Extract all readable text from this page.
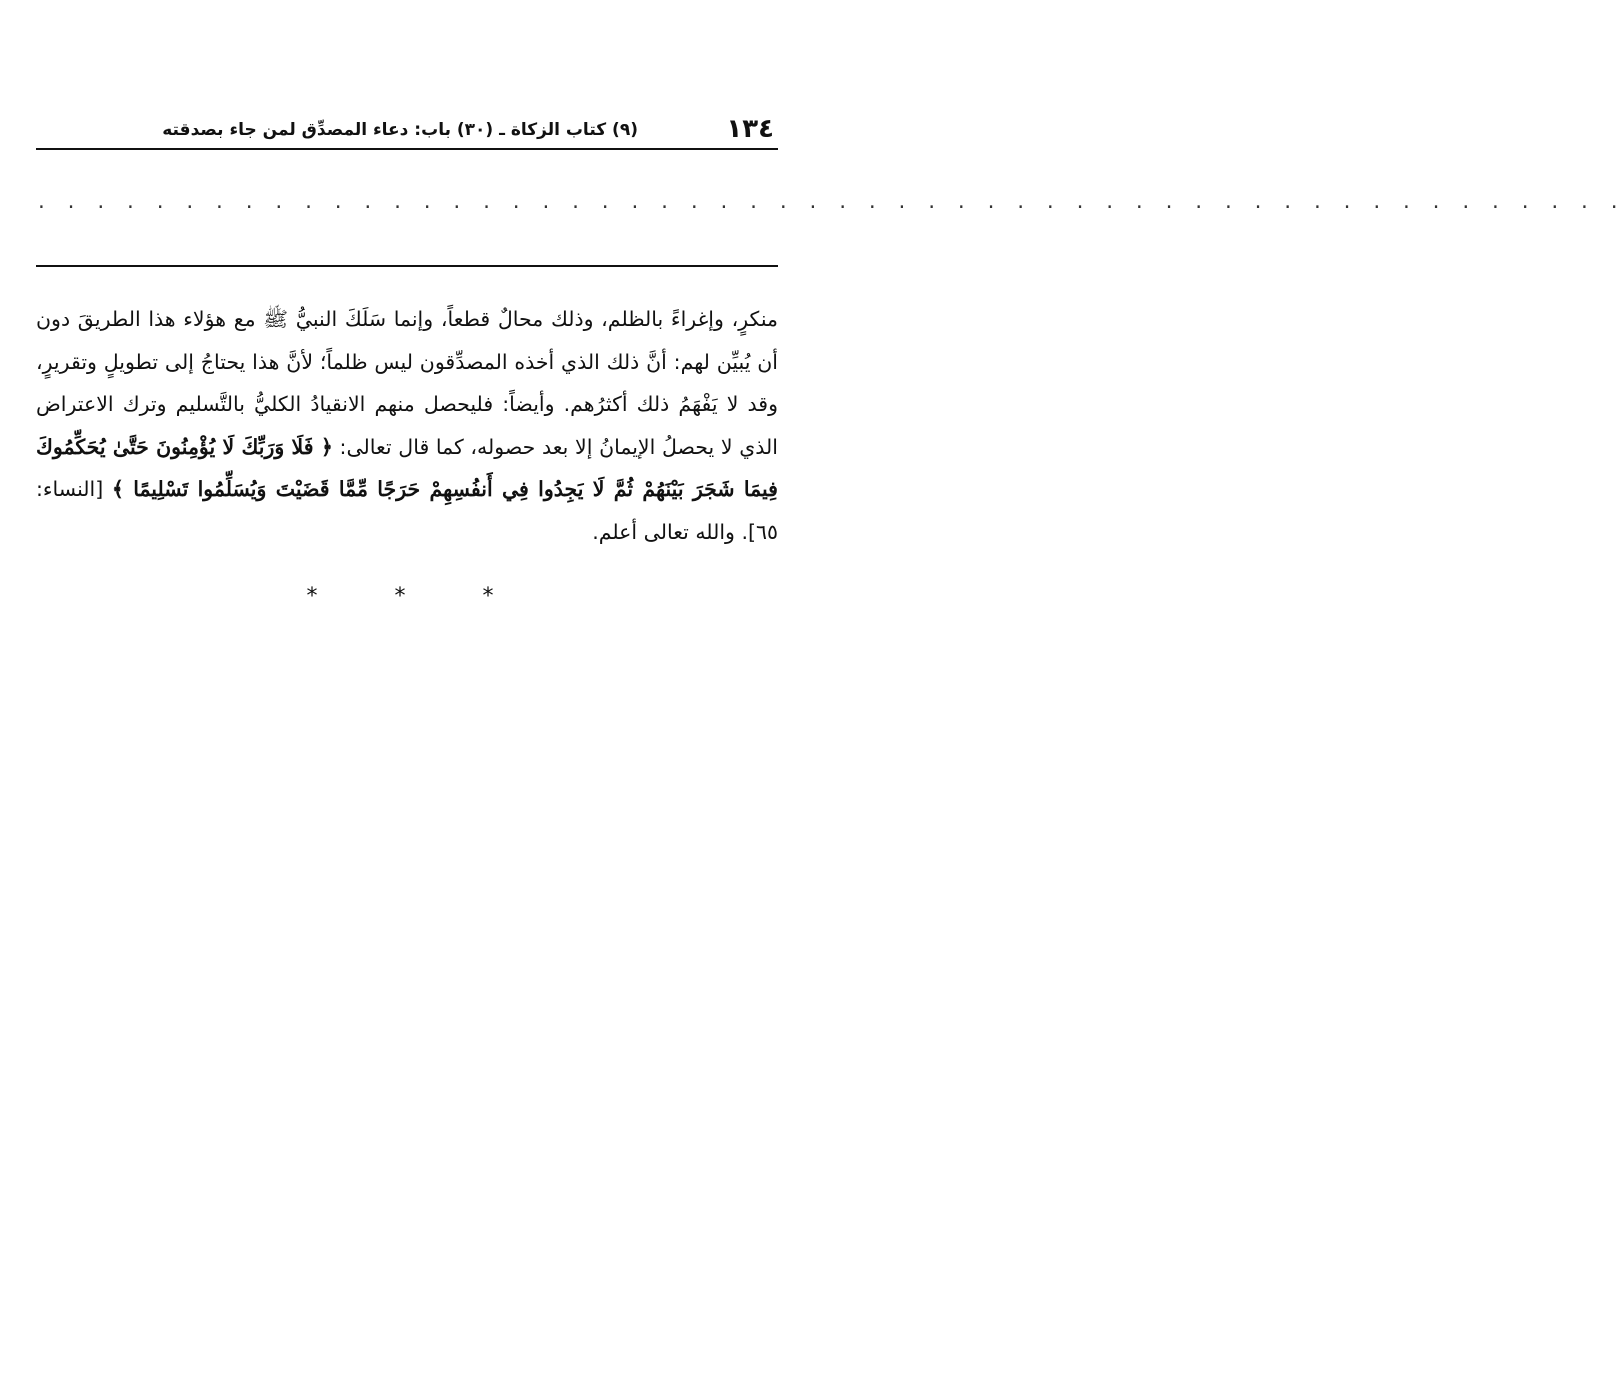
١٣٤
(٩) كتاب الزكاة ـ (٣٠) باب: دعاء المصدِّق لمن جاء بصدقته
. . . . . . . . . . . . . . . . . . . . . . . . . . . . . . . . . . . . . . . . . . . . . . . . . . . . . .

منكرٍ، وإغراءً بالظلم، وذلك محالٌ قطعاً، وإنما سَلَكَ النبيُّ ﷺ مع هؤلاء هذا الطريقَ دون أن يُبيِّن لهم: أنَّ ذلك الذي أخذه المصدِّقون ليس ظلماً؛ لأنَّ هذا يحتاجُ إلى تطويلٍ وتقريرٍ، وقد لا يَفْهَمُ ذلك أكثرُهم. وأيضاً: فليحصل منهم الانقيادُ الكليُّ بالتَّسليم وترك الاعتراض الذي لا يحصلُ الإيمانُ إلا بعد حصوله، كما قال تعالى: ﴿ فَلَا وَرَبِّكَ لَا يُؤْمِنُونَ حَتَّىٰ يُحَكِّمُوكَ فِيمَا شَجَرَ بَيْنَهُمْ ثُمَّ لَا يَجِدُوا فِي أَنفُسِهِمْ حَرَجًا مِّمَّا قَضَيْتَ وَيُسَلِّمُوا تَسْلِيمًا ﴾ [النساء: ٦٥]. والله تعالى أعلم.

*	*	*
